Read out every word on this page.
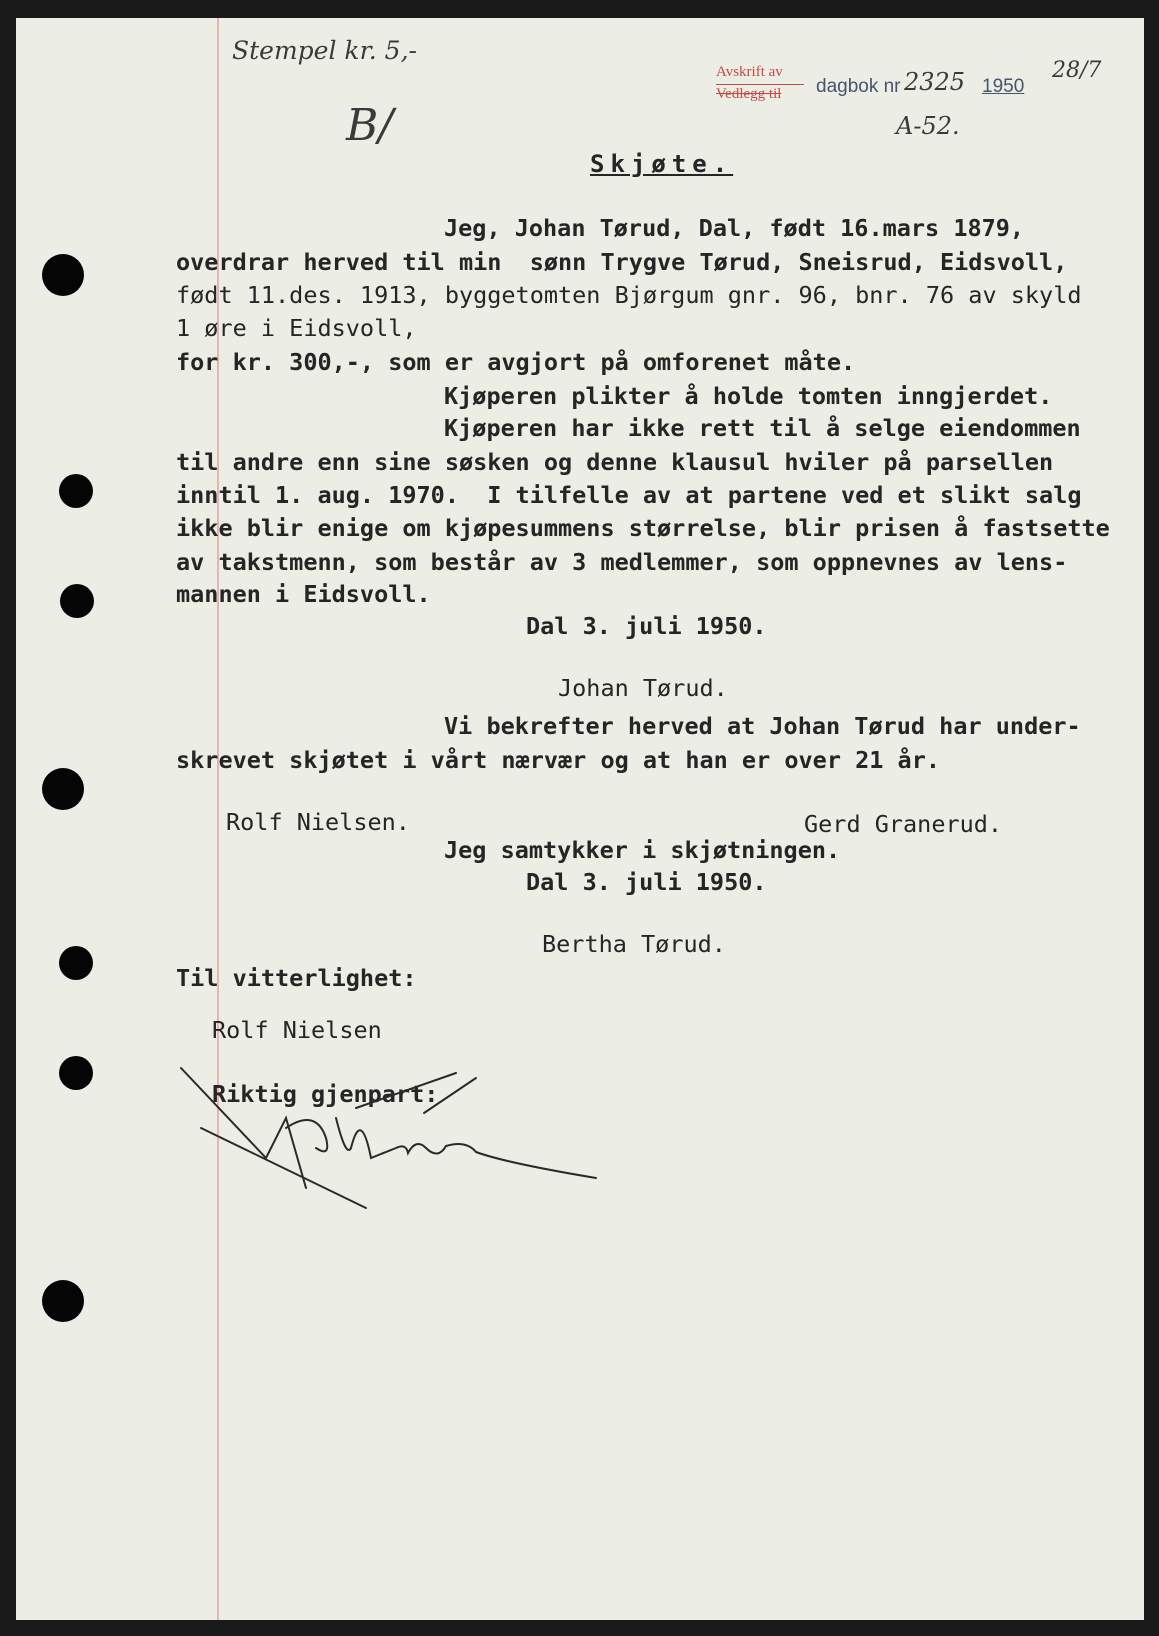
Stempel kr. 5,-
B/
Avskrift av
Vedlegg til dagbok nr 2325 1950
28/7
A-52.
Skjøte.
Jeg, Johan Tørud, Dal, født 16.mars 1879,
overdrar herved til min  sønn Trygve Tørud, Sneisrud, Eidsvoll,
født 11.des. 1913, byggetomten Bjørgum gnr. 96, bnr. 76 av skyld
1 øre i Eidsvoll,
for kr. 300,-, som er avgjort på omforenet måte.
Kjøperen plikter å holde tomten inngjerdet.
Kjøperen har ikke rett til å selge eiendommen
til andre enn sine søsken og denne klausul hviler på parsellen
inntil 1. aug. 1970.  I tilfelle av at partene ved et slikt salg
ikke blir enige om kjøpesummens størrelse, blir prisen å fastsette
av takstmenn, som består av 3 medlemmer, som oppnevnes av lens-
mannen i Eidsvoll.
Dal 3. juli 1950.
Johan Tørud.
Vi bekrefter herved at Johan Tørud har under-
skrevet skjøtet i vårt nærvær og at han er over 21 år.
Rolf Nielsen.	Gerd Granerud.
Jeg samtykker i skjøtningen.
Dal 3. juli 1950.
Bertha Tørud.
Til vitterlighet:
Rolf Nielsen
Riktig gjenpart:
